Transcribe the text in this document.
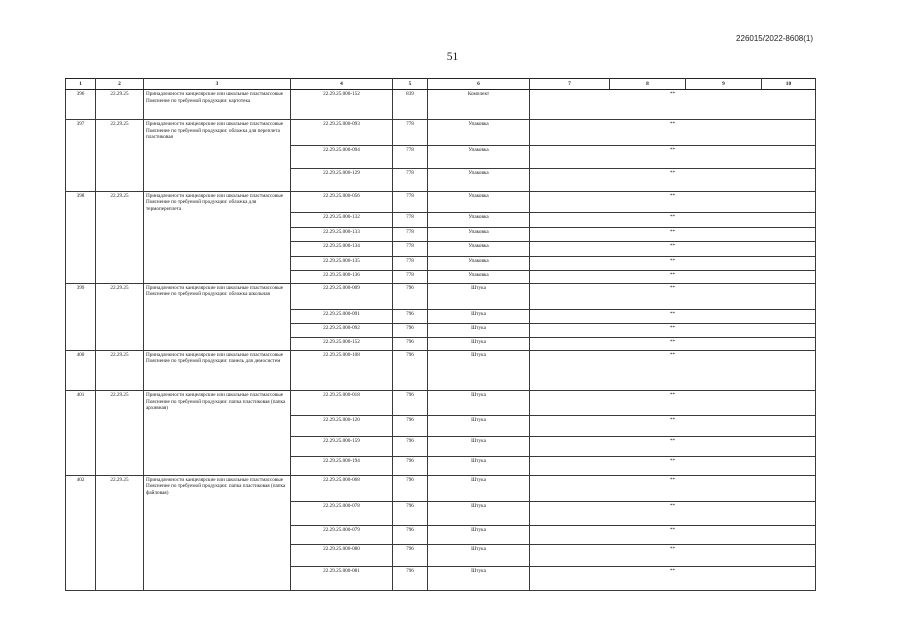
226015/2022-8608(1)
51
1	2	3	4	5	6	7	8	9	10
396	22.29.25	Принадлежности канцелярские или школьные пластмассовые Пояснение по требуемой продукции: картотека	22.29.25.000-152	839	Комплект	**			
397	22.29.25	Принадлежности канцелярские или школьные пластмассовые Пояснение по требуемой продукции: обложка для переплета пластиковая	22.29.25.000-093	778	Упаковка	**			
			22.29.25.000-094	778	Упаковка	**			
			22.29.25.000-129	778	Упаковка	**			
398	22.29.25	Принадлежности канцелярские или школьные пластмассовые Пояснение по требуемой продукции: обложка для термопереплета	22.29.25.000-056	778	Упаковка	**			
			22.29.25.000-132	778	Упаковка	**			
			22.29.25.000-133	778	Упаковка	**			
			22.29.25.000-134	778	Упаковка	**			
			22.29.25.000-135	778	Упаковка	**			
			22.29.25.000-136	778	Упаковка	**			
399	22.29.25	Принадлежности канцелярские или школьные пластмассовые Пояснение по требуемой продукции: обложка школьная	22.29.25.000-009	796	Штука	**			
			22.29.25.000-091	796	Штука	**			
			22.29.25.000-092	796	Штука	**			
			22.29.25.000-152	796	Штука	**			
400	22.29.25	Принадлежности канцелярские или школьные пластмассовые Пояснение по требуемой продукции: панель для демосистем	22.29.25.000-108	796	Штука	**			
401	22.29.25	Принадлежности канцелярские или школьные пластмассовые Пояснение по требуемой продукции: папка пластиковая (папка архивная)	22.29.25.000-018	796	Штука	**			
			22.29.25.000-120	796	Штука	**			
			22.29.25.000-159	796	Штука	**			
			22.29.25.000-194	796	Штука	**			
402	22.29.25	Принадлежности канцелярские или школьные пластмассовые Пояснение по требуемой продукции: папка пластиковая (папка файловая)	22.29.25.000-068	796	Штука	**			
			22.29.25.000-078	796	Штука	**			
			22.29.25.000-079	796	Штука	**			
			22.29.25.000-080	796	Штука	**			
			22.29.25.000-081	796	Штука	**			
